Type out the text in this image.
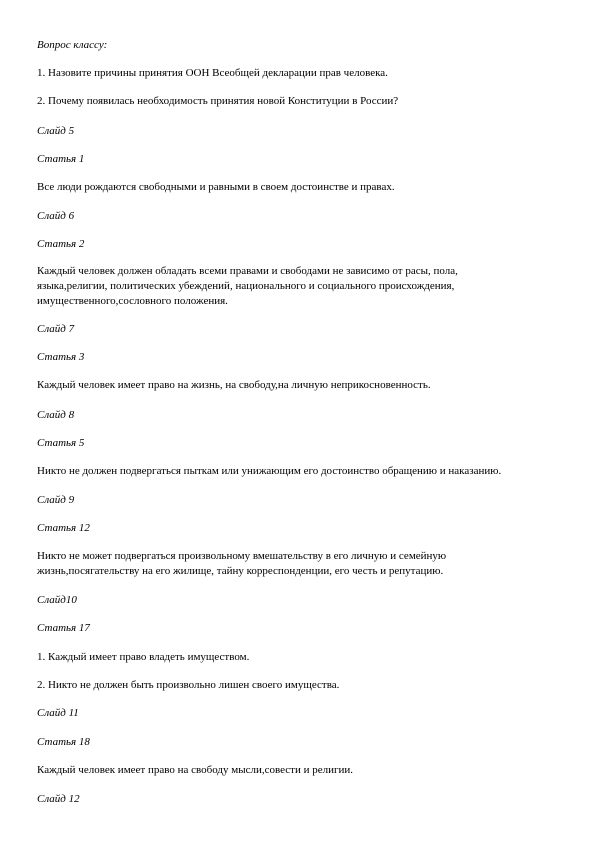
Вопрос классу:
1. Назовите причины принятия ООН Всеобщей декларации прав человека.
2. Почему появилась необходимость принятия новой Конституции в России?
Слайд 5
Статья 1
Все люди рождаются свободными и равными в своем достоинстве и правах.
Слайд 6
Статья 2
Каждый человек должен обладать всеми правами и свободами не зависимо от расы, пола,
языка,религии, политических убеждений, национального и социального происхождения,
имущественного,сословного положения.
Слайд 7
Статья 3
Каждый человек имеет право на жизнь, на свободу,на личную неприкосновенность.
Слайд 8
Статья 5
Никто не должен подвергаться пыткам или унижающим его достоинство обращению и наказанию.
Слайд 9
Статья 12
Никто не может подвергаться произвольному вмешательству в его личную и семейную
жизнь,посягательству на его жилище, тайну корреспонденции, его честь и репутацию.
Слайд10
Статья 17
1. Каждый имеет право владеть имуществом.
2. Никто не должен быть произвольно лишен своего имущества.
Слайд 11
Статья 18
Каждый человек имеет право на свободу мысли,совести и религии.
Слайд 12
